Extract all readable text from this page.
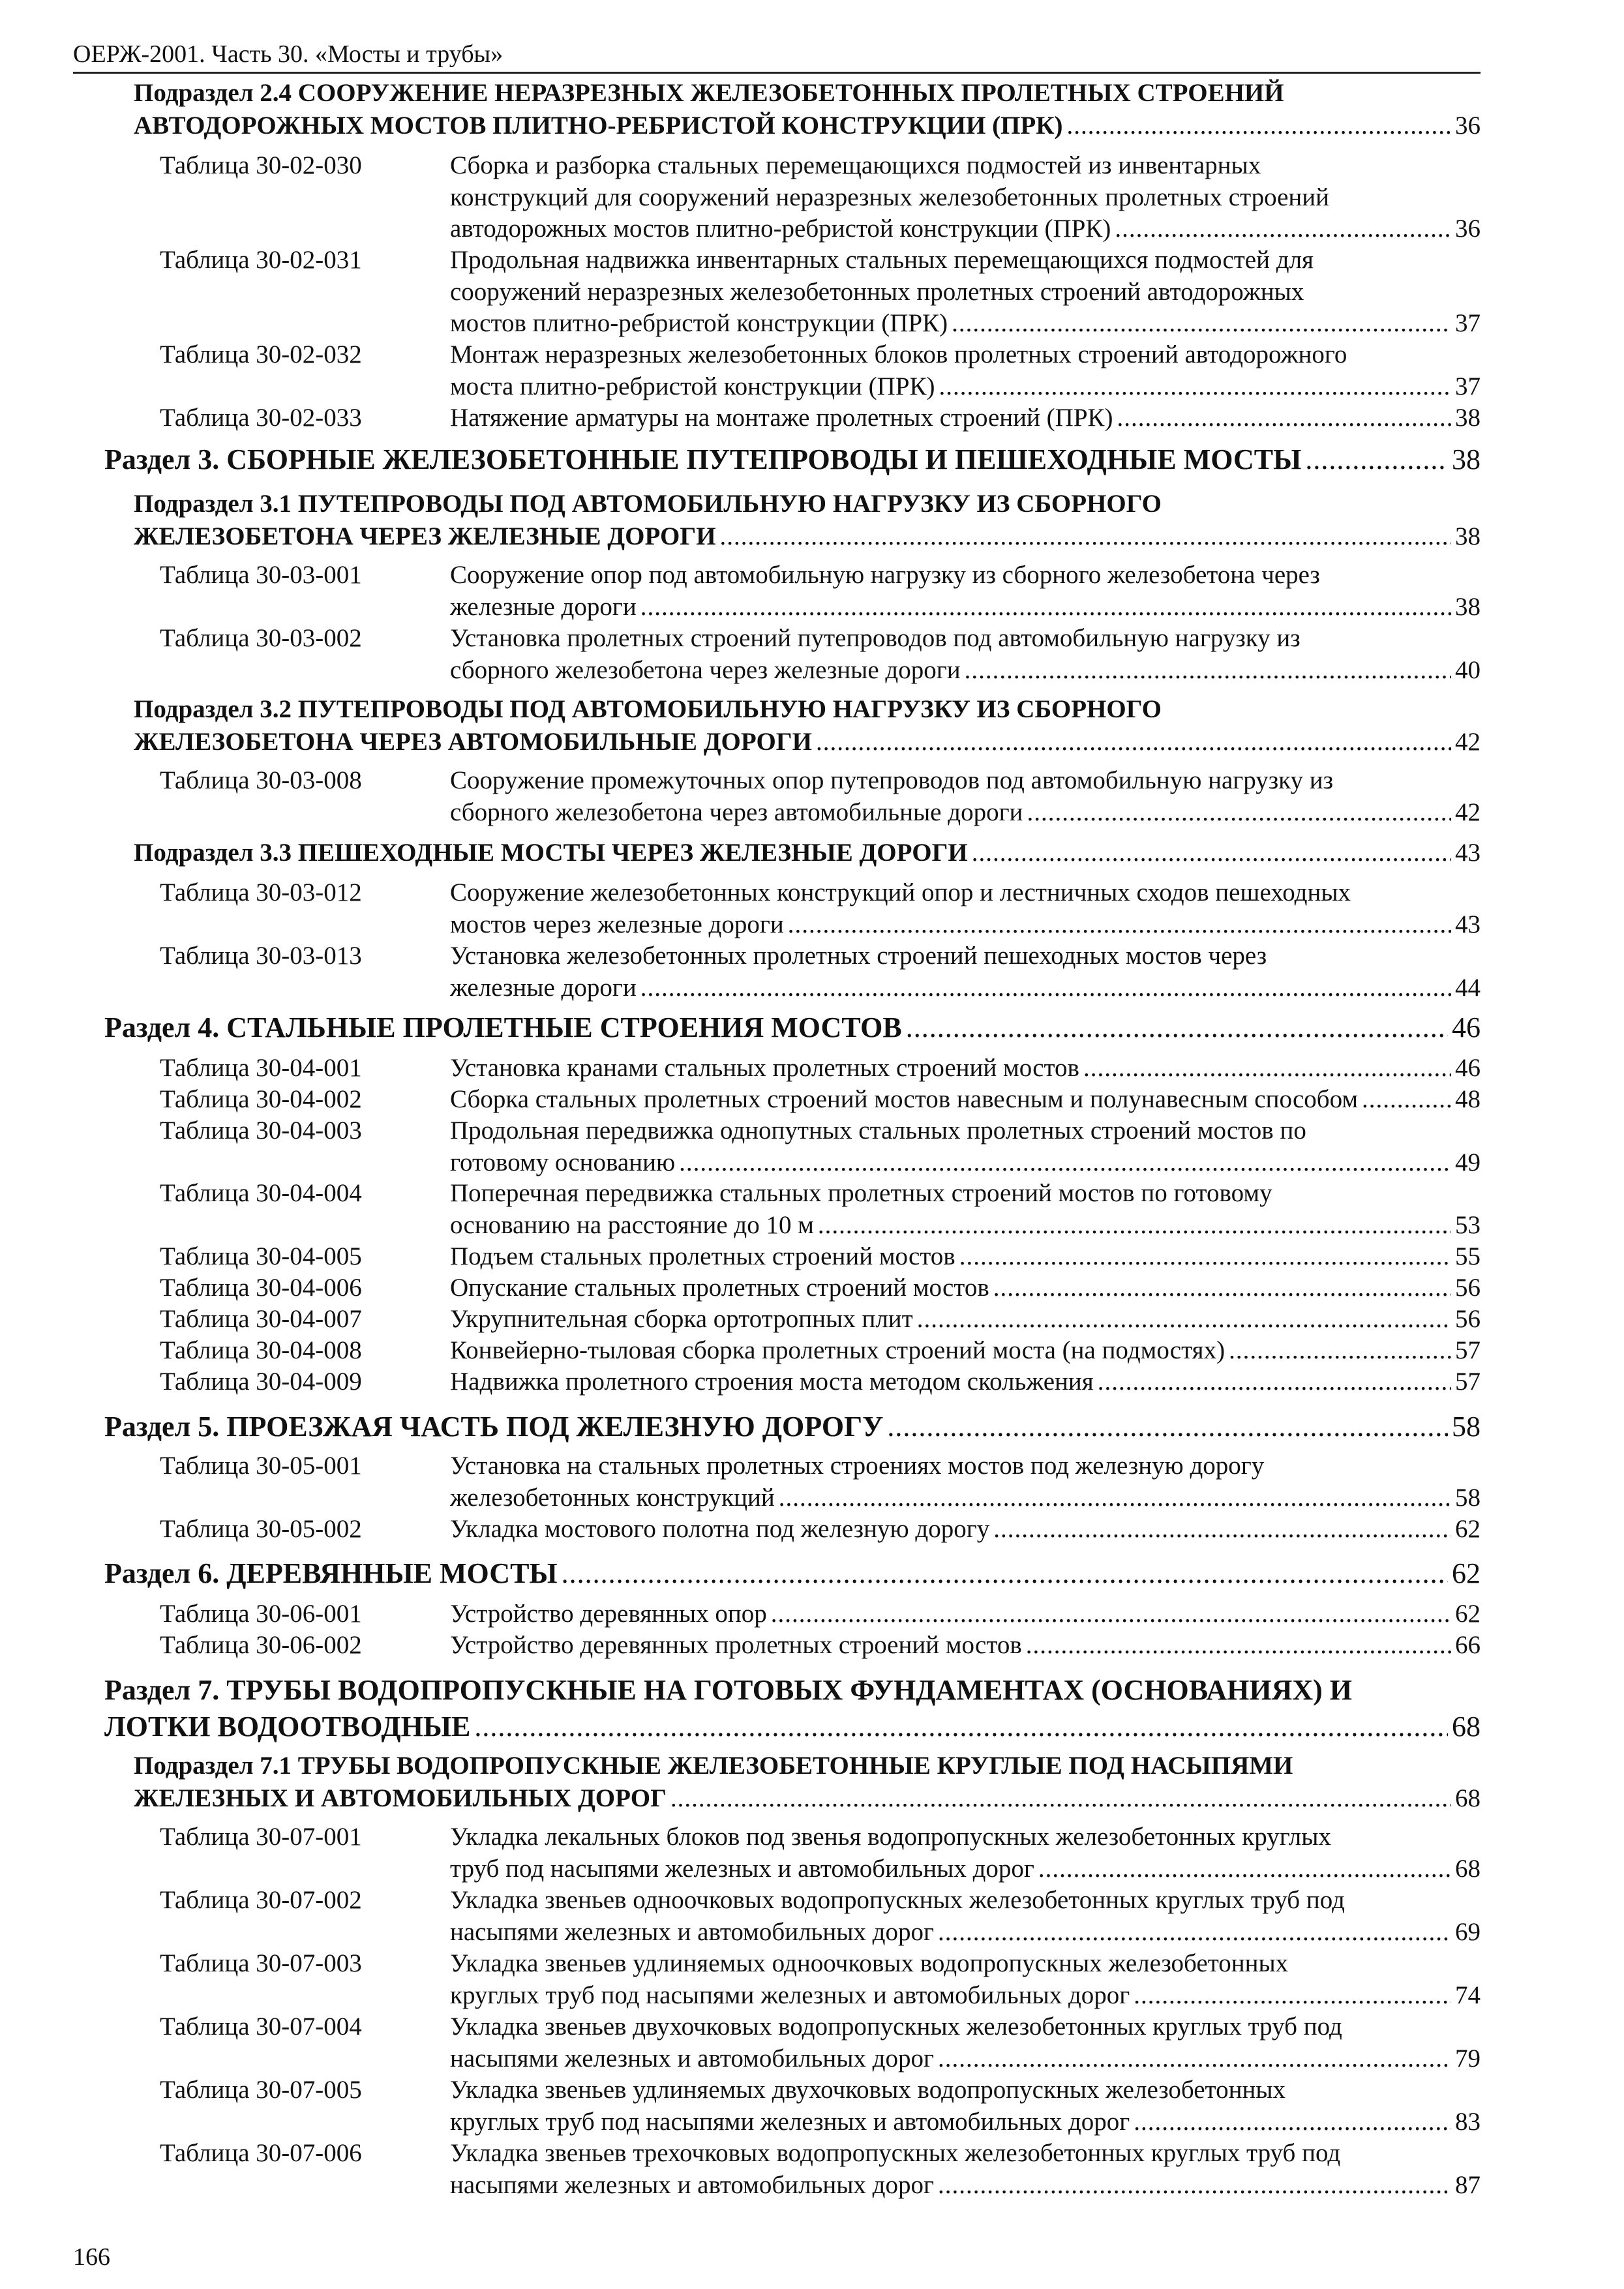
ОЕРЖ-2001. Часть 30. «Мосты и трубы»
Подраздел 2.4 СООРУЖЕНИЕ НЕРАЗРЕЗНЫХ ЖЕЛЕЗОБЕТОННЫХ ПРОЛЕТНЫХ СТРОЕНИЙ
АВТОДОРОЖНЫХ МОСТОВ ПЛИТНО-РЕБРИСТОЙ КОНСТРУКЦИИ (ПРК) .....	36
Таблица 30-02-030	Сборка и разборка стальных перемещающихся подмостей из инвентарных
конструкций для сооружений неразрезных железобетонных пролетных строений
автодорожных мостов плитно-ребристой конструкции (ПРК) .....	36
Таблица 30-02-031	Продольная надвижка инвентарных стальных перемещающихся подмостей для
сооружений неразрезных железобетонных пролетных строений автодорожных
мостов плитно-ребристой конструкции (ПРК) .....	37
Таблица 30-02-032	Монтаж неразрезных железобетонных блоков пролетных строений автодорожного
моста плитно-ребристой конструкции (ПРК) .....	37
Таблица 30-02-033	Натяжение арматуры на монтаже пролетных строений (ПРК) .....	38
Раздел 3. СБОРНЫЕ ЖЕЛЕЗОБЕТОННЫЕ ПУТЕПРОВОДЫ И ПЕШЕХОДНЫЕ МОСТЫ .....	38
Подраздел 3.1 ПУТЕПРОВОДЫ ПОД АВТОМОБИЛЬНУЮ НАГРУЗКУ ИЗ СБОРНОГО
ЖЕЛЕЗОБЕТОНА ЧЕРЕЗ ЖЕЛЕЗНЫЕ ДОРОГИ .....	38
Таблица 30-03-001	Сооружение опор под автомобильную нагрузку из сборного железобетона через
железные дороги .....	38
Таблица 30-03-002	Установка пролетных строений путепроводов под автомобильную нагрузку из
сборного железобетона через железные дороги .....	40
Подраздел 3.2 ПУТЕПРОВОДЫ ПОД АВТОМОБИЛЬНУЮ НАГРУЗКУ ИЗ СБОРНОГО
ЖЕЛЕЗОБЕТОНА ЧЕРЕЗ АВТОМОБИЛЬНЫЕ ДОРОГИ .....	42
Таблица 30-03-008	Сооружение промежуточных опор путепроводов под автомобильную нагрузку из
сборного железобетона через автомобильные дороги .....	42
Подраздел 3.3 ПЕШЕХОДНЫЕ МОСТЫ ЧЕРЕЗ ЖЕЛЕЗНЫЕ ДОРОГИ .....	43
Таблица 30-03-012	Сооружение железобетонных конструкций опор и лестничных сходов пешеходных
мостов через железные дороги .....	43
Таблица 30-03-013	Установка железобетонных пролетных строений пешеходных мостов через
железные дороги .....	44
Раздел 4. СТАЛЬНЫЕ ПРОЛЕТНЫЕ СТРОЕНИЯ МОСТОВ .....	46
Таблица 30-04-001	Установка кранами стальных пролетных строений мостов .....	46
Таблица 30-04-002	Сборка стальных пролетных строений мостов навесным и полунавесным способом .....	48
Таблица 30-04-003	Продольная передвижка однопутных стальных пролетных строений мостов по
готовому основанию .....	49
Таблица 30-04-004	Поперечная передвижка стальных пролетных строений мостов по готовому
основанию на расстояние до 10 м .....	53
Таблица 30-04-005	Подъем стальных пролетных строений мостов .....	55
Таблица 30-04-006	Опускание стальных пролетных строений мостов .....	56
Таблица 30-04-007	Укрупнительная сборка ортотропных плит .....	56
Таблица 30-04-008	Конвейерно-тыловая сборка пролетных строений моста (на подмостях) .....	57
Таблица 30-04-009	Надвижка пролетного строения моста методом скольжения .....	57
Раздел 5. ПРОЕЗЖАЯ ЧАСТЬ ПОД ЖЕЛЕЗНУЮ ДОРОГУ .....	58
Таблица 30-05-001	Установка на стальных пролетных строениях мостов под железную дорогу
железобетонных конструкций .....	58
Таблица 30-05-002	Укладка мостового полотна под железную дорогу .....	62
Раздел 6. ДЕРЕВЯННЫЕ МОСТЫ .....	62
Таблица 30-06-001	Устройство деревянных опор .....	62
Таблица 30-06-002	Устройство деревянных пролетных строений мостов .....	66
Раздел 7. ТРУБЫ ВОДОПРОПУСКНЫЕ НА ГОТОВЫХ ФУНДАМЕНТАХ (ОСНОВАНИЯХ) И
ЛОТКИ ВОДООТВОДНЫЕ .....	68
Подраздел 7.1 ТРУБЫ ВОДОПРОПУСКНЫЕ ЖЕЛЕЗОБЕТОННЫЕ КРУГЛЫЕ ПОД НАСЫПЯМИ
ЖЕЛЕЗНЫХ И АВТОМОБИЛЬНЫХ ДОРОГ .....	68
Таблица 30-07-001	Укладка лекальных блоков под звенья водопропускных железобетонных круглых
труб под насыпями железных и автомобильных дорог .....	68
Таблица 30-07-002	Укладка звеньев одноочковых водопропускных железобетонных круглых труб под
насыпями железных и автомобильных дорог .....	69
Таблица 30-07-003	Укладка звеньев удлиняемых одноочковых водопропускных железобетонных
круглых труб под насыпями железных и автомобильных дорог .....	74
Таблица 30-07-004	Укладка звеньев двухочковых водопропускных железобетонных круглых труб под
насыпями железных и автомобильных дорог .....	79
Таблица 30-07-005	Укладка звеньев удлиняемых двухочковых водопропускных железобетонных
круглых труб под насыпями железных и автомобильных дорог .....	83
Таблица 30-07-006	Укладка звеньев трехочковых водопропускных железобетонных круглых труб под
насыпями железных и автомобильных дорог .....	87
166
